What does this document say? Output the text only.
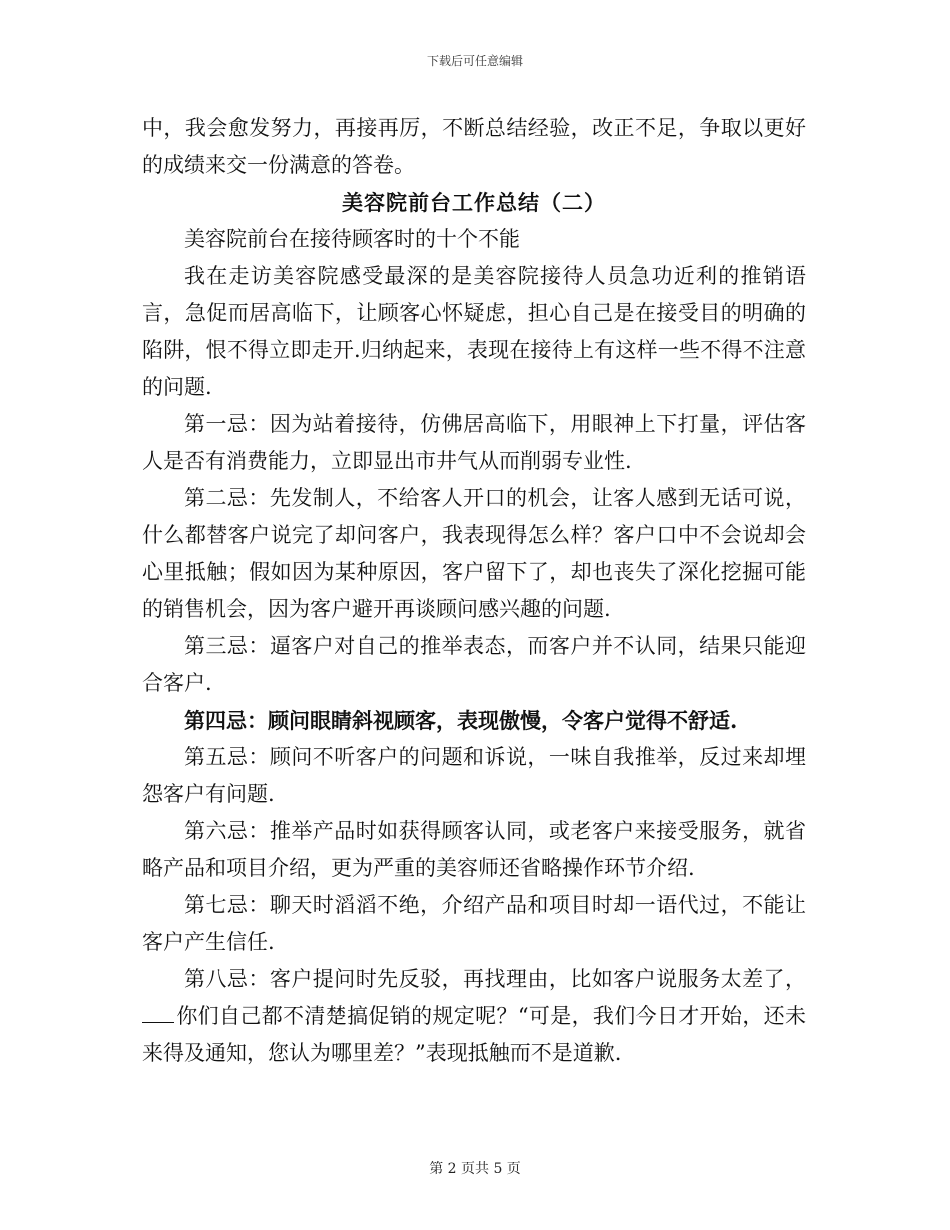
下载后可任意编辑

中，我会愈发努力，再接再厉，不断总结经验，改正不足，争取以更好的成绩来交一份满意的答卷。

美容院前台工作总结（二）

美容院前台在接待顾客时的十个不能

我在走访美容院感受最深的是美容院接待人员急功近利的推销语言，急促而居高临下，让顾客心怀疑虑，担心自己是在接受目的明确的陷阱，恨不得立即走开.归纳起来，表现在接待上有这样一些不得不注意的问题.

第一忌：因为站着接待，仿佛居高临下，用眼神上下打量，评估客人是否有消费能力，立即显出市井气从而削弱专业性.

第二忌：先发制人，不给客人开口的机会，让客人感到无话可说，什么都替客户说完了却问客户，我表现得怎么样？客户口中不会说却会心里抵触；假如因为某种原因，客户留下了，却也丧失了深化挖掘可能的销售机会，因为客户避开再谈顾问感兴趣的问题.

第三忌：逼客户对自己的推举表态，而客户并不认同，结果只能迎合客户.

第四忌：顾问眼睛斜视顾客，表现傲慢，令客户觉得不舒适.

第五忌：顾问不听客户的问题和诉说，一味自我推举，反过来却埋怨客户有问题.

第六忌：推举产品时如获得顾客认同，或老客户来接受服务，就省略产品和项目介绍，更为严重的美容师还省略操作环节介绍.

第七忌：聊天时滔滔不绝，介绍产品和项目时却一语代过，不能让客户产生信任.

第八忌：客户提问时先反驳，再找理由，比如客户说服务太差了，你们自己都不清楚搞促销的规定呢？“可是，我们今日才开始，还未来得及通知，您认为哪里差？”表现抵触而不是道歉.

第 2 页共 5 页
